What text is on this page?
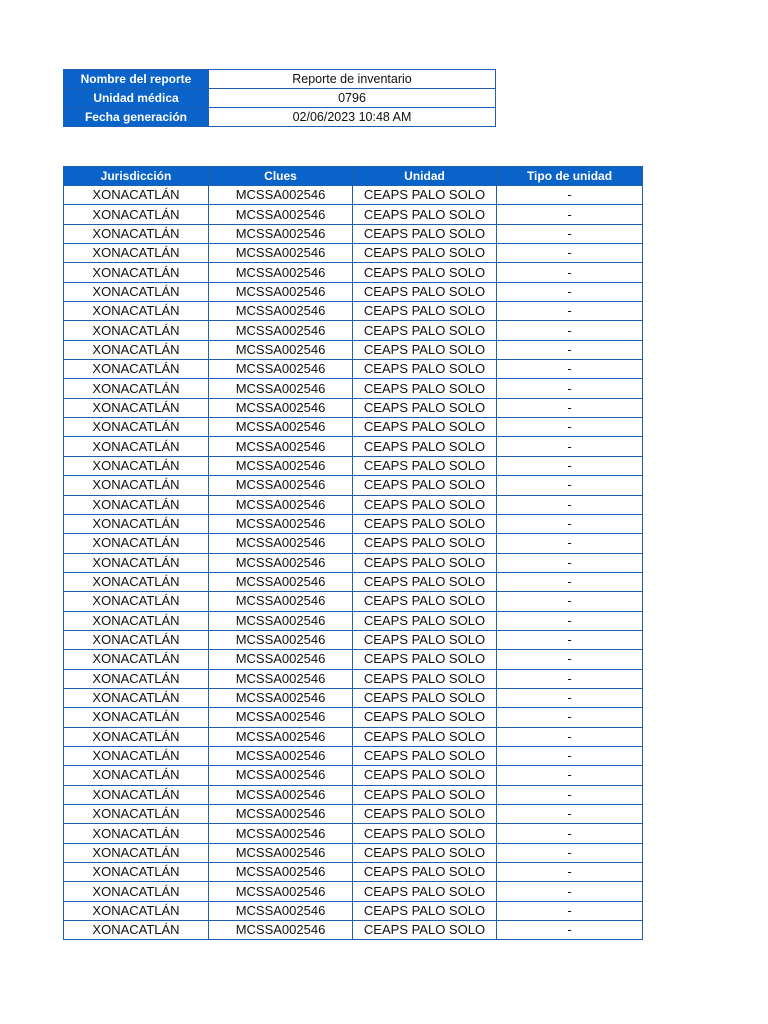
Nombre del reporte	Reporte de inventario
Unidad médica	0796
Fecha generación	02/06/2023 10:48 AM
Jurisdicción	Clues	Unidad	Tipo de unidad
XONACATLÁN	MCSSA002546	CEAPS PALO SOLO	-
XONACATLÁN	MCSSA002546	CEAPS PALO SOLO	-
XONACATLÁN	MCSSA002546	CEAPS PALO SOLO	-
XONACATLÁN	MCSSA002546	CEAPS PALO SOLO	-
XONACATLÁN	MCSSA002546	CEAPS PALO SOLO	-
XONACATLÁN	MCSSA002546	CEAPS PALO SOLO	-
XONACATLÁN	MCSSA002546	CEAPS PALO SOLO	-
XONACATLÁN	MCSSA002546	CEAPS PALO SOLO	-
XONACATLÁN	MCSSA002546	CEAPS PALO SOLO	-
XONACATLÁN	MCSSA002546	CEAPS PALO SOLO	-
XONACATLÁN	MCSSA002546	CEAPS PALO SOLO	-
XONACATLÁN	MCSSA002546	CEAPS PALO SOLO	-
XONACATLÁN	MCSSA002546	CEAPS PALO SOLO	-
XONACATLÁN	MCSSA002546	CEAPS PALO SOLO	-
XONACATLÁN	MCSSA002546	CEAPS PALO SOLO	-
XONACATLÁN	MCSSA002546	CEAPS PALO SOLO	-
XONACATLÁN	MCSSA002546	CEAPS PALO SOLO	-
XONACATLÁN	MCSSA002546	CEAPS PALO SOLO	-
XONACATLÁN	MCSSA002546	CEAPS PALO SOLO	-
XONACATLÁN	MCSSA002546	CEAPS PALO SOLO	-
XONACATLÁN	MCSSA002546	CEAPS PALO SOLO	-
XONACATLÁN	MCSSA002546	CEAPS PALO SOLO	-
XONACATLÁN	MCSSA002546	CEAPS PALO SOLO	-
XONACATLÁN	MCSSA002546	CEAPS PALO SOLO	-
XONACATLÁN	MCSSA002546	CEAPS PALO SOLO	-
XONACATLÁN	MCSSA002546	CEAPS PALO SOLO	-
XONACATLÁN	MCSSA002546	CEAPS PALO SOLO	-
XONACATLÁN	MCSSA002546	CEAPS PALO SOLO	-
XONACATLÁN	MCSSA002546	CEAPS PALO SOLO	-
XONACATLÁN	MCSSA002546	CEAPS PALO SOLO	-
XONACATLÁN	MCSSA002546	CEAPS PALO SOLO	-
XONACATLÁN	MCSSA002546	CEAPS PALO SOLO	-
XONACATLÁN	MCSSA002546	CEAPS PALO SOLO	-
XONACATLÁN	MCSSA002546	CEAPS PALO SOLO	-
XONACATLÁN	MCSSA002546	CEAPS PALO SOLO	-
XONACATLÁN	MCSSA002546	CEAPS PALO SOLO	-
XONACATLÁN	MCSSA002546	CEAPS PALO SOLO	-
XONACATLÁN	MCSSA002546	CEAPS PALO SOLO	-
XONACATLÁN	MCSSA002546	CEAPS PALO SOLO	-
